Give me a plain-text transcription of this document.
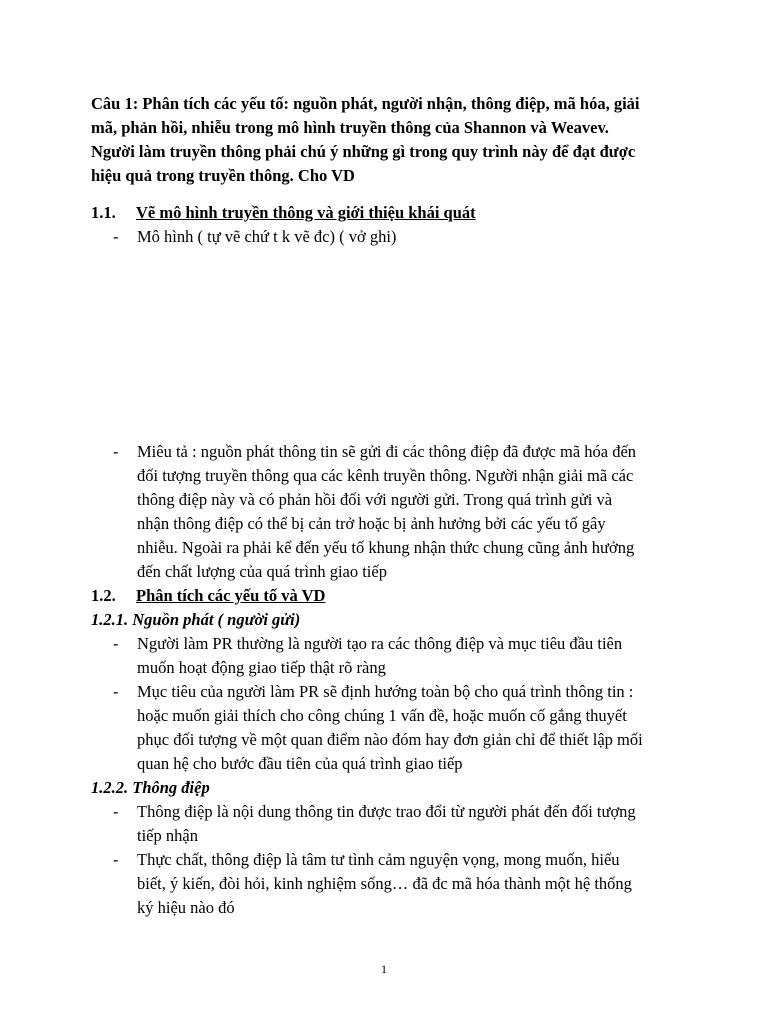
Câu 1: Phân tích các yếu tố: nguồn phát, người nhận, thông điệp, mã hóa, giải
mã, phản hồi, nhiễu trong mô hình truyền thông của Shannon và Weavev.
Người làm truyền thông phải chú ý những gì trong quy trình này để đạt được
hiệu quả trong truyền thông. Cho VD
1.1. Vẽ mô hình truyền thông và giới thiệu khái quát
- Mô hình ( tự vẽ chứ t k vẽ đc) ( vở ghi)
- Miêu tả : nguồn phát thông tin sẽ gửi đi các thông điệp đã được mã hóa đến
đối tượng truyền thông qua các kênh truyền thông. Người nhận giải mã các
thông điệp này và có phản hồi đối với người gửi. Trong quá trình gửi và
nhận thông điệp có thể bị cản trở hoặc bị ảnh hưởng bởi các yếu tố gây
nhiễu. Ngoài ra phải kể đến yếu tố khung nhận thức chung cũng ảnh hưởng
đến chất lượng của quá trình giao tiếp
1.2. Phân tích các yếu tố và VD
1.2.1. Nguồn phát ( người gửi)
- Người làm PR thường là người tạo ra các thông điệp và mục tiêu đầu tiên
muốn hoạt động giao tiếp thật rõ ràng
- Mục tiêu của người làm PR sẽ định hướng toàn bộ cho quá trình thông tin :
hoặc muốn giải thích cho công chúng 1 vấn đề, hoặc muốn cố gắng thuyết
phục đối tượng về một quan điểm nào đóm hay đơn giản chỉ để thiết lập mối
quan hệ cho bước đầu tiên của quá trình giao tiếp
1.2.2. Thông điệp
- Thông điệp là nội dung thông tin được trao đổi từ người phát đến đối tượng
tiếp nhận
- Thực chất, thông điệp là tâm tư tình cảm nguyện vọng, mong muốn, hiểu
biết, ý kiến, đòi hỏi, kinh nghiệm sống… đã đc mã hóa thành một hệ thống
ký hiệu nào đó
1
